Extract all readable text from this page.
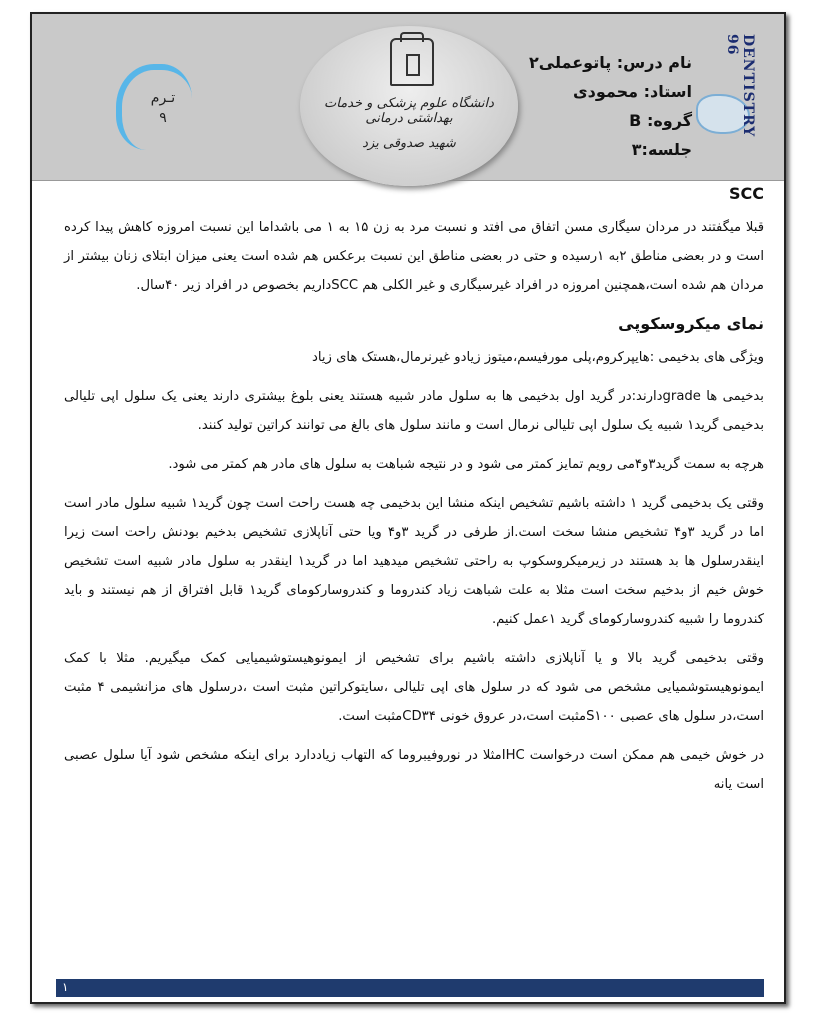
تـرم
۹
دانشگاه علوم پزشکی و خدمات بهداشتی درمانی
شهید صدوقی یزد
نام درس: پاتوعملی۲
استاد: محمودی
گروه: B
جلسه:۳
DENTISTRY 96
SCC

قبلا میگفتند در مردان سیگاری مسن اتفاق می افتد و نسبت مرد به زن ۱۵ به ۱ می باشداما این نسبت امروزه کاهش پیدا کرده است و در بعضی مناطق ۲به ۱رسیده و حتی در بعضی مناطق این نسبت برعکس هم شده است یعنی میزان ابتلای زنان بیشتر از مردان هم شده است،همچنین امروزه در افراد غیرسیگاری و غیر الکلی هم SCCداریم بخصوص در افراد زیر ۴۰سال.

نمای میکروسکوپی

ویژگی های بدخیمی :هایپرکروم،پلی مورفیسم،میتوز زیادو غیرنرمال،هستک های زیاد

بدخیمی ها gradeدارند:در گرید اول بدخیمی ها به سلول مادر شبیه هستند یعنی بلوغ بیشتری دارند یعنی یک سلول اپی تلیالی بدخیمی گرید۱ شبیه یک سلول اپی تلیالی نرمال است و مانند سلول های بالغ می توانند کراتین تولید کنند.

هرچه به سمت گرید۳و۴می رویم تمایز کمتر می شود و در نتیجه شباهت به سلول های مادر هم کمتر می شود.

وقتی یک بدخیمی گرید ۱ داشته باشیم تشخیص اینکه منشا این بدخیمی چه هست راحت است چون گرید۱ شبیه سلول مادر است اما در گرید ۳و۴ تشخیص منشا سخت است.از طرفی در گرید ۳و۴ ویا حتی آناپلازی تشخیص بدخیم بودنش راحت است زیرا اینقدرسلول ها بد هستند در زیرمیکروسکوپ به راحتی تشخیص میدهید اما در گرید۱ اینقدر به سلول مادر شبیه است تشخیص خوش خیم از بدخیم سخت است مثلا به علت شباهت زیاد کندروما و کندروسارکومای گرید۱ قابل افتراق از هم نیستند و باید کندروما را شبیه کندروسارکومای گرید ۱عمل کنیم.

وقتی بدخیمی گرید بالا و یا آناپلازی داشته باشیم برای تشخیص از ایمونوهیستوشیمیایی کمک میگیریم. مثلا با کمک ایمونوهیستوشمیایی مشخص می شود که در سلول های اپی تلیالی ،سایتوکراتین مثبت است ،درسلول های مزانشیمی ۴ مثبت است،در سلول های عصبی S۱۰۰مثبت است،در عروق خونی CD۳۴مثبت است.

در خوش خیمی هم ممکن است درخواست IHCمثلا در نوروفیبروما که التهاب زیاددارد برای اینکه مشخص شود آیا سلول عصبی است یانه

۱
